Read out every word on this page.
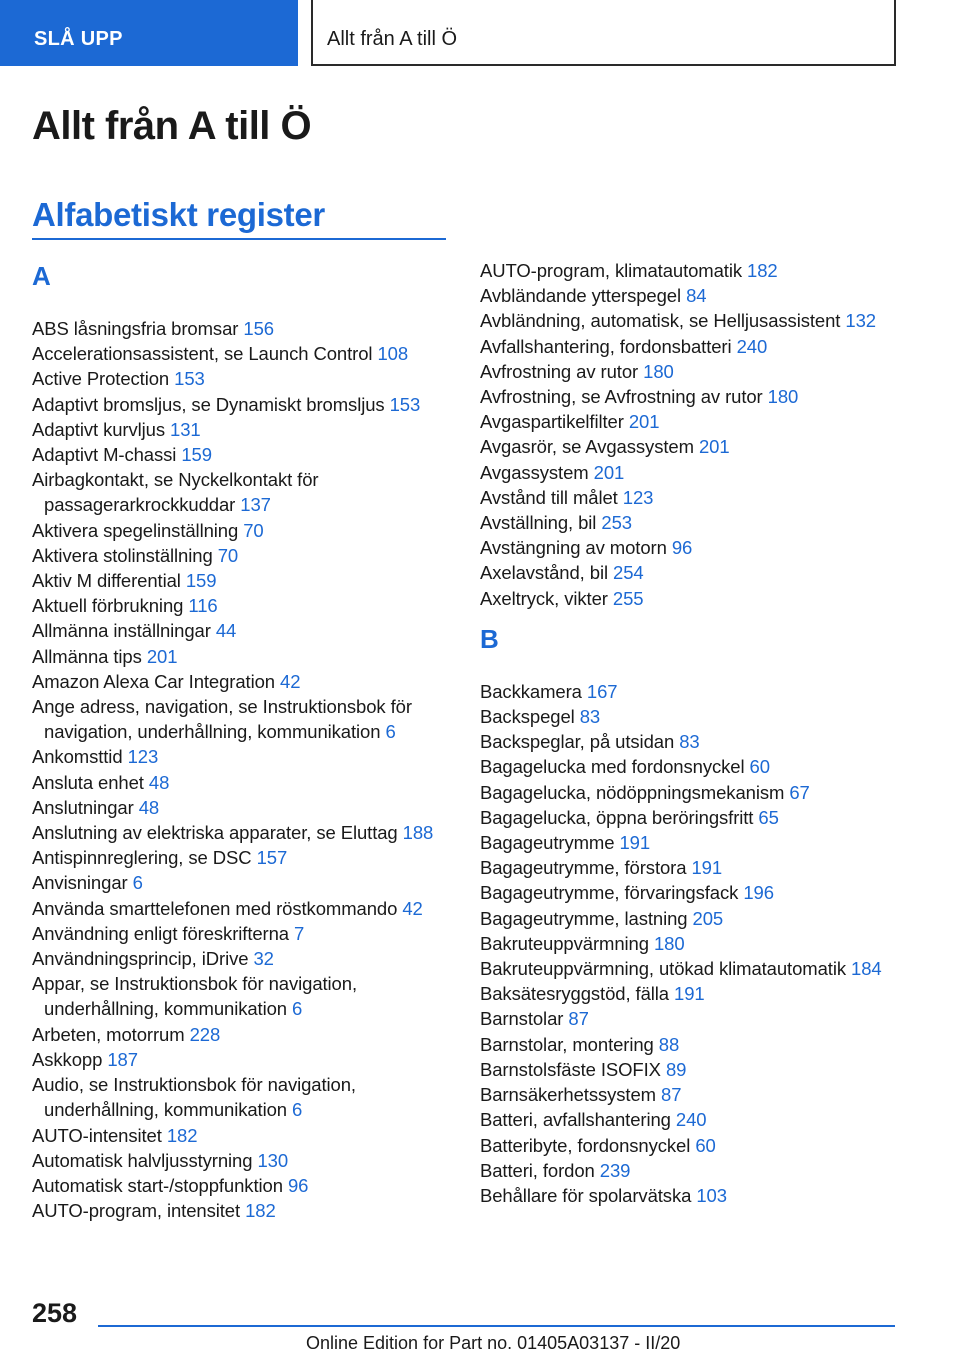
SLÅ UPP	Allt från A till Ö
Allt från A till Ö
Alfabetiskt register
A
ABS låsningsfria bromsar 156
Accelerationsassistent, se Launch Control 108
Active Protection 153
Adaptivt bromsljus, se Dynamiskt bromsljus 153
Adaptivt kurvljus 131
Adaptivt M-chassi 159
Airbagkontakt, se Nyckelkontakt för passagerarkrockkuddar 137
Aktivera spegelinställning 70
Aktivera stolinställning 70
Aktiv M differential 159
Aktuell förbrukning 116
Allmänna inställningar 44
Allmänna tips 201
Amazon Alexa Car Integration 42
Ange adress, navigation, se Instruktionsbok för navigation, underhållning, kommunikation 6
Ankomsttid 123
Ansluta enhet 48
Anslutningar 48
Anslutning av elektriska apparater, se Eluttag 188
Antispinnreglering, se DSC 157
Anvisningar 6
Använda smarttelefonen med röstkommando 42
Användning enligt föreskrifterna 7
Användningsprincip, iDrive 32
Appar, se Instruktionsbok för navigation, underhållning, kommunikation 6
Arbeten, motorrum 228
Askkopp 187
Audio, se Instruktionsbok för navigation, underhållning, kommunikation 6
AUTO-intensitet 182
Automatisk halvljusstyrning 130
Automatisk start-/stoppfunktion 96
AUTO-program, intensitet 182
AUTO-program, klimatautomatik 182
Avbländande ytterspegel 84
Avbländning, automatisk, se Helljusassistent 132
Avfallshantering, fordonsbatteri 240
Avfrostning av rutor 180
Avfrostning, se Avfrostning av rutor 180
Avgaspartikelfilter 201
Avgasrör, se Avgassystem 201
Avgassystem 201
Avstånd till målet 123
Avställning, bil 253
Avstängning av motorn 96
Axelavstånd, bil 254
Axeltryck, vikter 255
B
Backkamera 167
Backspegel 83
Backspeglar, på utsidan 83
Bagagelucka med fordonsnyckel 60
Bagagelucka, nödöppningsmekanism 67
Bagagelucka, öppna beröringsfritt 65
Bagageutrymme 191
Bagageutrymme, förstora 191
Bagageutrymme, förvaringsfack 196
Bagageutrymme, lastning 205
Bakruteuppvärmning 180
Bakruteuppvärmning, utökad klimatautomatik 184
Baksätesryggstöd, fälla 191
Barnstolar 87
Barnstolar, montering 88
Barnstolsfäste ISOFIX 89
Barnsäkerhetssystem 87
Batteri, avfallshantering 240
Batteribyte, fordonsnyckel 60
Batteri, fordon 239
Behållare för spolarvätska 103
258
Online Edition for Part no. 01405A03137 - II/20
